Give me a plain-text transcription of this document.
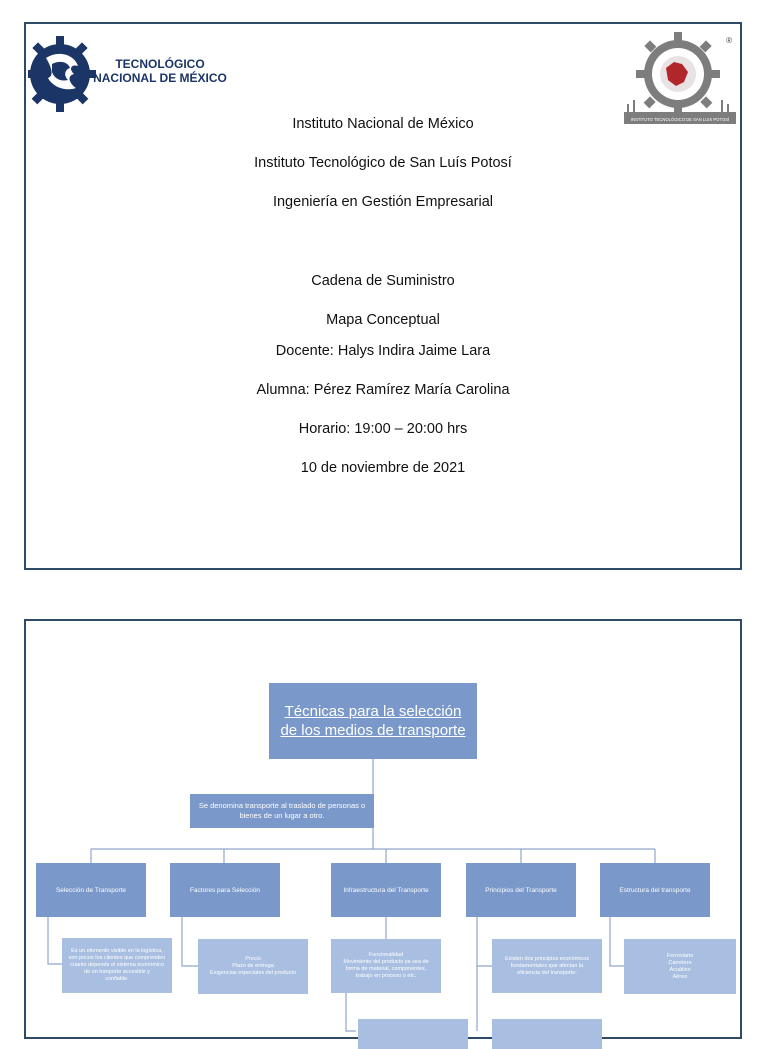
TECNOLÓGICO
NACIONAL DE MÉXICO
INSTITUTO TECNOLÓGICO DE SAN LUIS POTOSÍ
®
Instituto Nacional de México
Instituto Tecnológico de San Luís Potosí
Ingeniería en Gestión Empresarial
Cadena de Suministro
Mapa Conceptual
Docente: Halys Indira Jaime Lara
Alumna: Pérez Ramírez María Carolina
Horario: 19:00 – 20:00 hrs
10 de noviembre de 2021
Técnicas para la selección de los medios de transporte
Se denomina transporte al traslado de personas o bienes de un lugar a otro.
Selección de Transporte	Factores para Selección	Infraestructura del Transporte	Principios del Transporte	Estructura del transporte
Es un elemento visible en la logística,
son pocos los clientes que comprenden
cuanto depende el sistema económico
de un tranporte accesible y
confiable.
Precio
Plazo de entrega
Exigencias especiales del producto
Funcionalidad
Movimiento del producto ya sea de
forma de material, componentes,
trabajo en proceso o etc.
Existen dos principios económicos
fundamentales que afectan la
eficiencia del transporte:
Ferroviario
Carretero
Acuático
Aéreo
